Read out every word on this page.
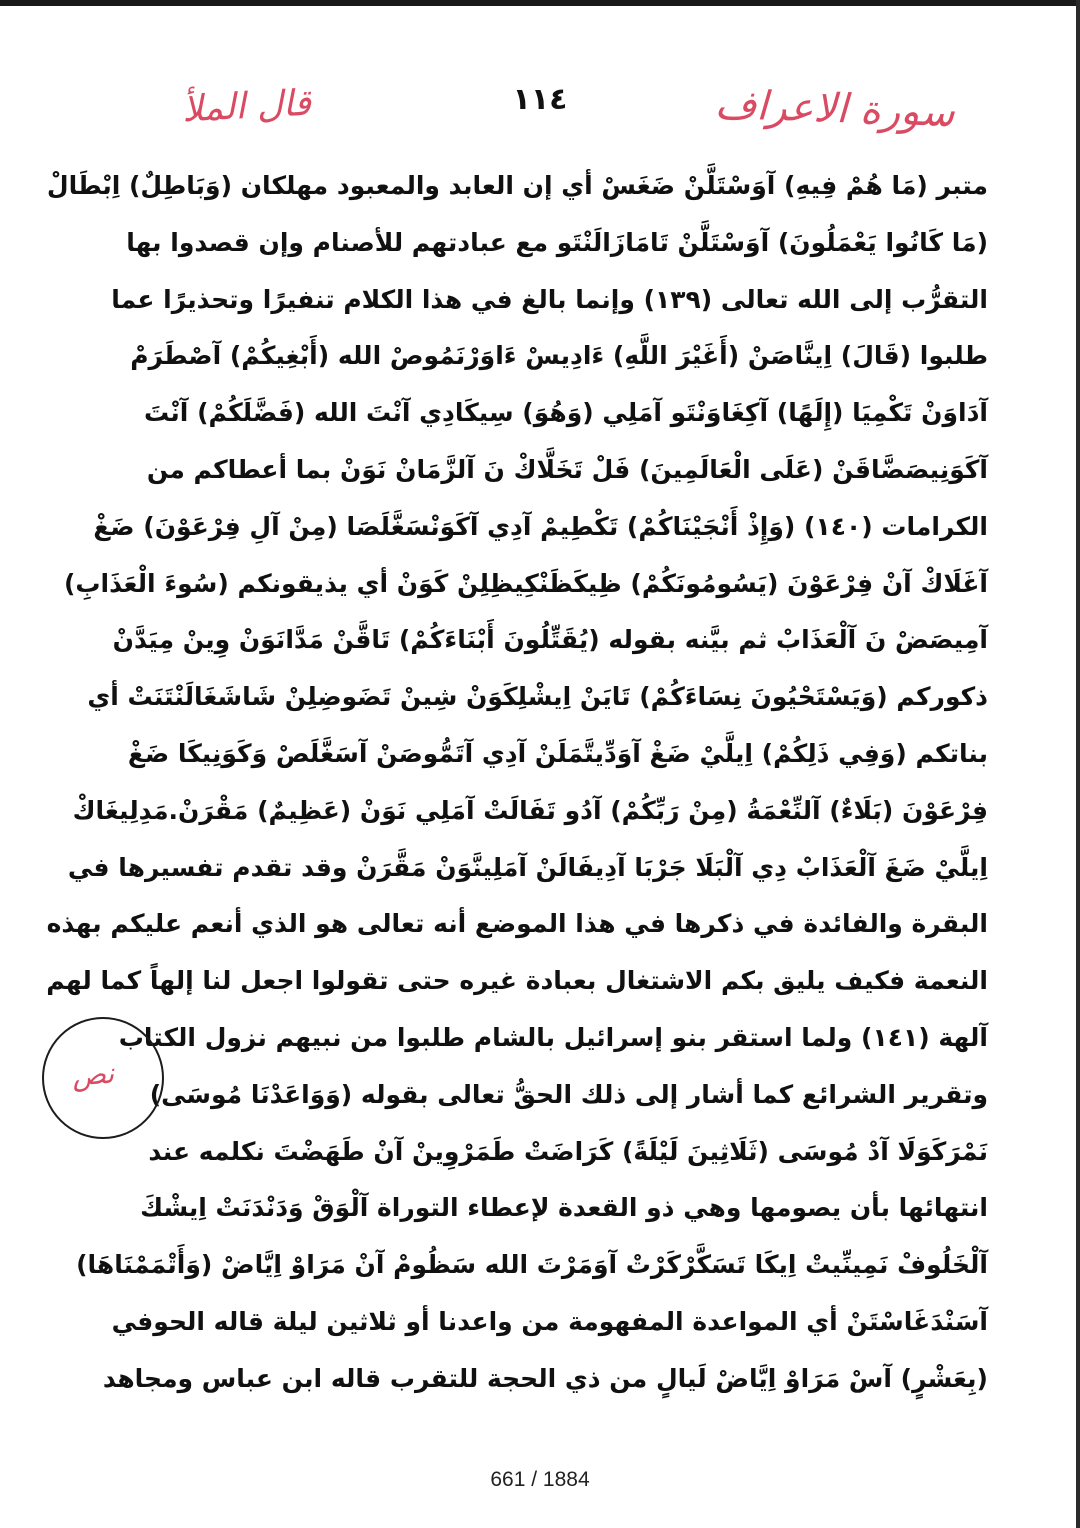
سورة الاعراف
١١٤
قال الملأ
متبر (مَا هُمْ فِيهِ) آوَسْتَلَّنْ ضَغَسْ أي إن العابد والمعبود مهلكان (وَبَاطِلٌ) اِبْطَالْ
(مَا كَانُوا يَعْمَلُونَ) آوَسْتَلَّنْ تَامَازَالَنْتَو مع عبادتهم للأصنام وإن قصدوا بها
التقرُّب إلى الله تعالى (١٣٩) وإنما بالغ في هذا الكلام تنفيرًا وتحذيرًا عما
طلبوا (قَالَ) اِينَّاصَنْ (أَغَيْرَ اللَّهِ) ءَادِيسْ ءَاوَرْنَمُوصْ الله (أَبْغِيكُمْ) آصْطَرَمْ
آدَاوَنْ تَكْمِيَا (إِلَهًا) آكِغَاوَنْتَو آمَلِي (وَهُوَ) سِيكَادِي آنْتَ الله (فَضَّلَكُمْ) آنْتَ
آكَوَنِيصَضَّاقَنْ (عَلَى الْعَالَمِينَ) فَلْ تَخَلَّاكْ نَ آلزَّمَانْ نَوَنْ بما أعطاكم من
الكرامات (١٤٠) (وَإِذْ أَنْجَيْنَاكُمْ) تَكْطِيمْ آدِي آكَوَنْسَغَّلَصَا (مِنْ آلِ فِرْعَوْنَ) ضَغْ
آغَلَاكْ آنْ فِرْعَوْنَ (يَسُومُونَكُمْ) ظِيكَظَنْكِيظِلِنْ كَوَنْ أي يذيقونكم (سُوءَ الْعَذَابِ)
آمِيصَضْ نَ آلْعَذَابْ ثم بيَّنه بقوله (يُقَتِّلُونَ أَبْنَاءَكُمْ) تَاقَّنْ مَدَّانَوَنْ وِينْ مِيَدَّنْ
ذكوركم (وَيَسْتَحْيُونَ نِسَاءَكُمْ) تَايَنْ اِيشْلِكَوَنْ شِينْ تَضَوضِلِنْ شَاشَغَالَنْتَنَتْ أي
بناتكم (وَفِي ذَلِكُمْ) اِيلَّيْ ضَغْ آوَدِّيتَّمَلَنْ آدِي آتَمُّوصَنْ آسَغَّلَصْ وَكَوَنِيكَا ضَغْ
فِرْعَوْنَ (بَلَاءٌ) آلنِّعْمَةُ (مِنْ رَبِّكُمْ) آدُو تَفَالَتْ آمَلِي نَوَنْ (عَظِيمٌ) مَقْرَنْ.مَدِلِيغَاكْ
اِيلَّيْ ضَغَ آلْعَذَابْ دِي آلْبَلَا جَرْبَا آدِيفَالَنْ آمَلِينَّوَنْ مَقَّرَنْ وقد تقدم تفسيرها في
البقرة والفائدة في ذكرها في هذا الموضع أنه تعالى هو الذي أنعم عليكم بهذه
النعمة فكيف يليق بكم الاشتغال بعبادة غيره حتى تقولوا اجعل لنا إلهاً كما لهم
آلهة (١٤١) ولما استقر بنو إسرائيل بالشام طلبوا من نبيهم نزول الكتاب
وتقرير الشرائع كما أشار إلى ذلك الحقُّ تعالى بقوله (وَوَاعَدْنَا مُوسَى)
نَمْرَكَوَلَا آدْ مُوسَى (ثَلَاثِينَ لَيْلَةً) كَرَاضَتْ طَمَرْوِينْ آنْ طَهَضْتَ نكلمه عند
انتهائها بأن يصومها وهي ذو القعدة لإعطاء التوراة آلْوَقْ وَدَنْدَنَتْ اِيشْكَ
آلْخَلُوفْ نَمِينِّيتْ اِيكَا تَسَكَّرْكَرْتْ آوَمَرْتَ الله سَظُومْ آنْ مَرَاوْ اِيَّاضْ (وَأَتْمَمْنَاهَا)
آسَنْدَغَاسْتَنْ أي المواعدة المفهومة من واعدنا أو ثلاثين ليلة قاله الحوفي
(بِعَشْرٍ) آسْ مَرَاوْ اِيَّاضْ لَيالٍ من ذي الحجة للتقرب قاله ابن عباس ومجاهد
نص
661 / 1884
